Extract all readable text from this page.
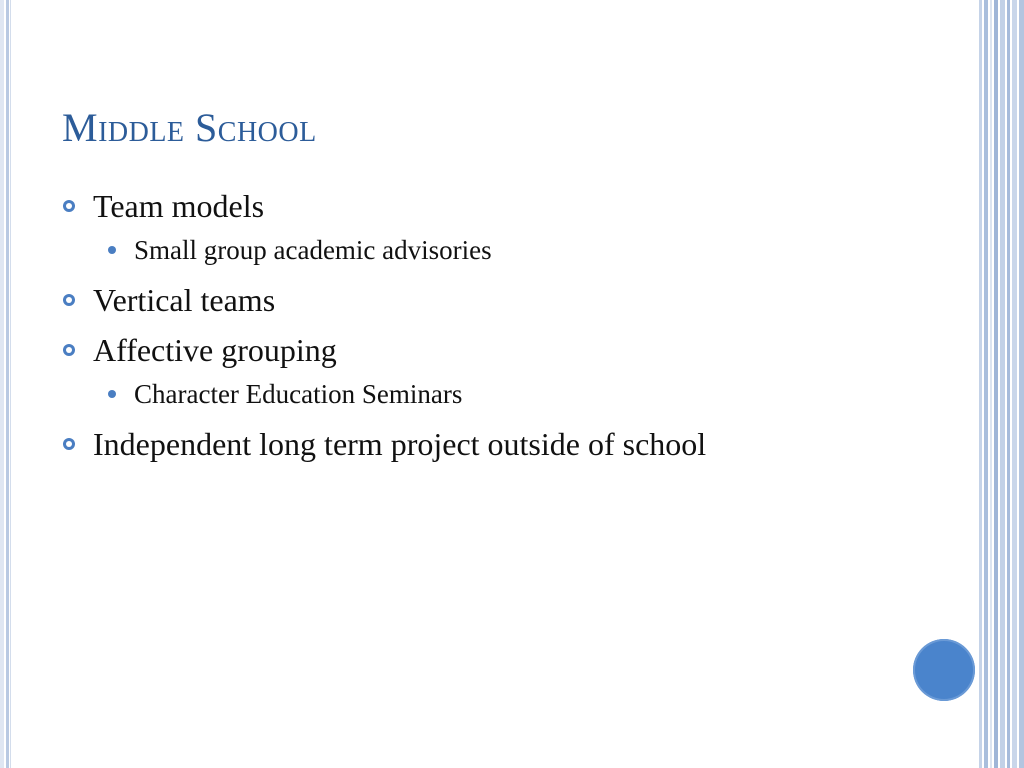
Middle School
Team models
Small group academic advisories
Vertical teams
Affective grouping
Character Education Seminars
Independent long term project outside of school
